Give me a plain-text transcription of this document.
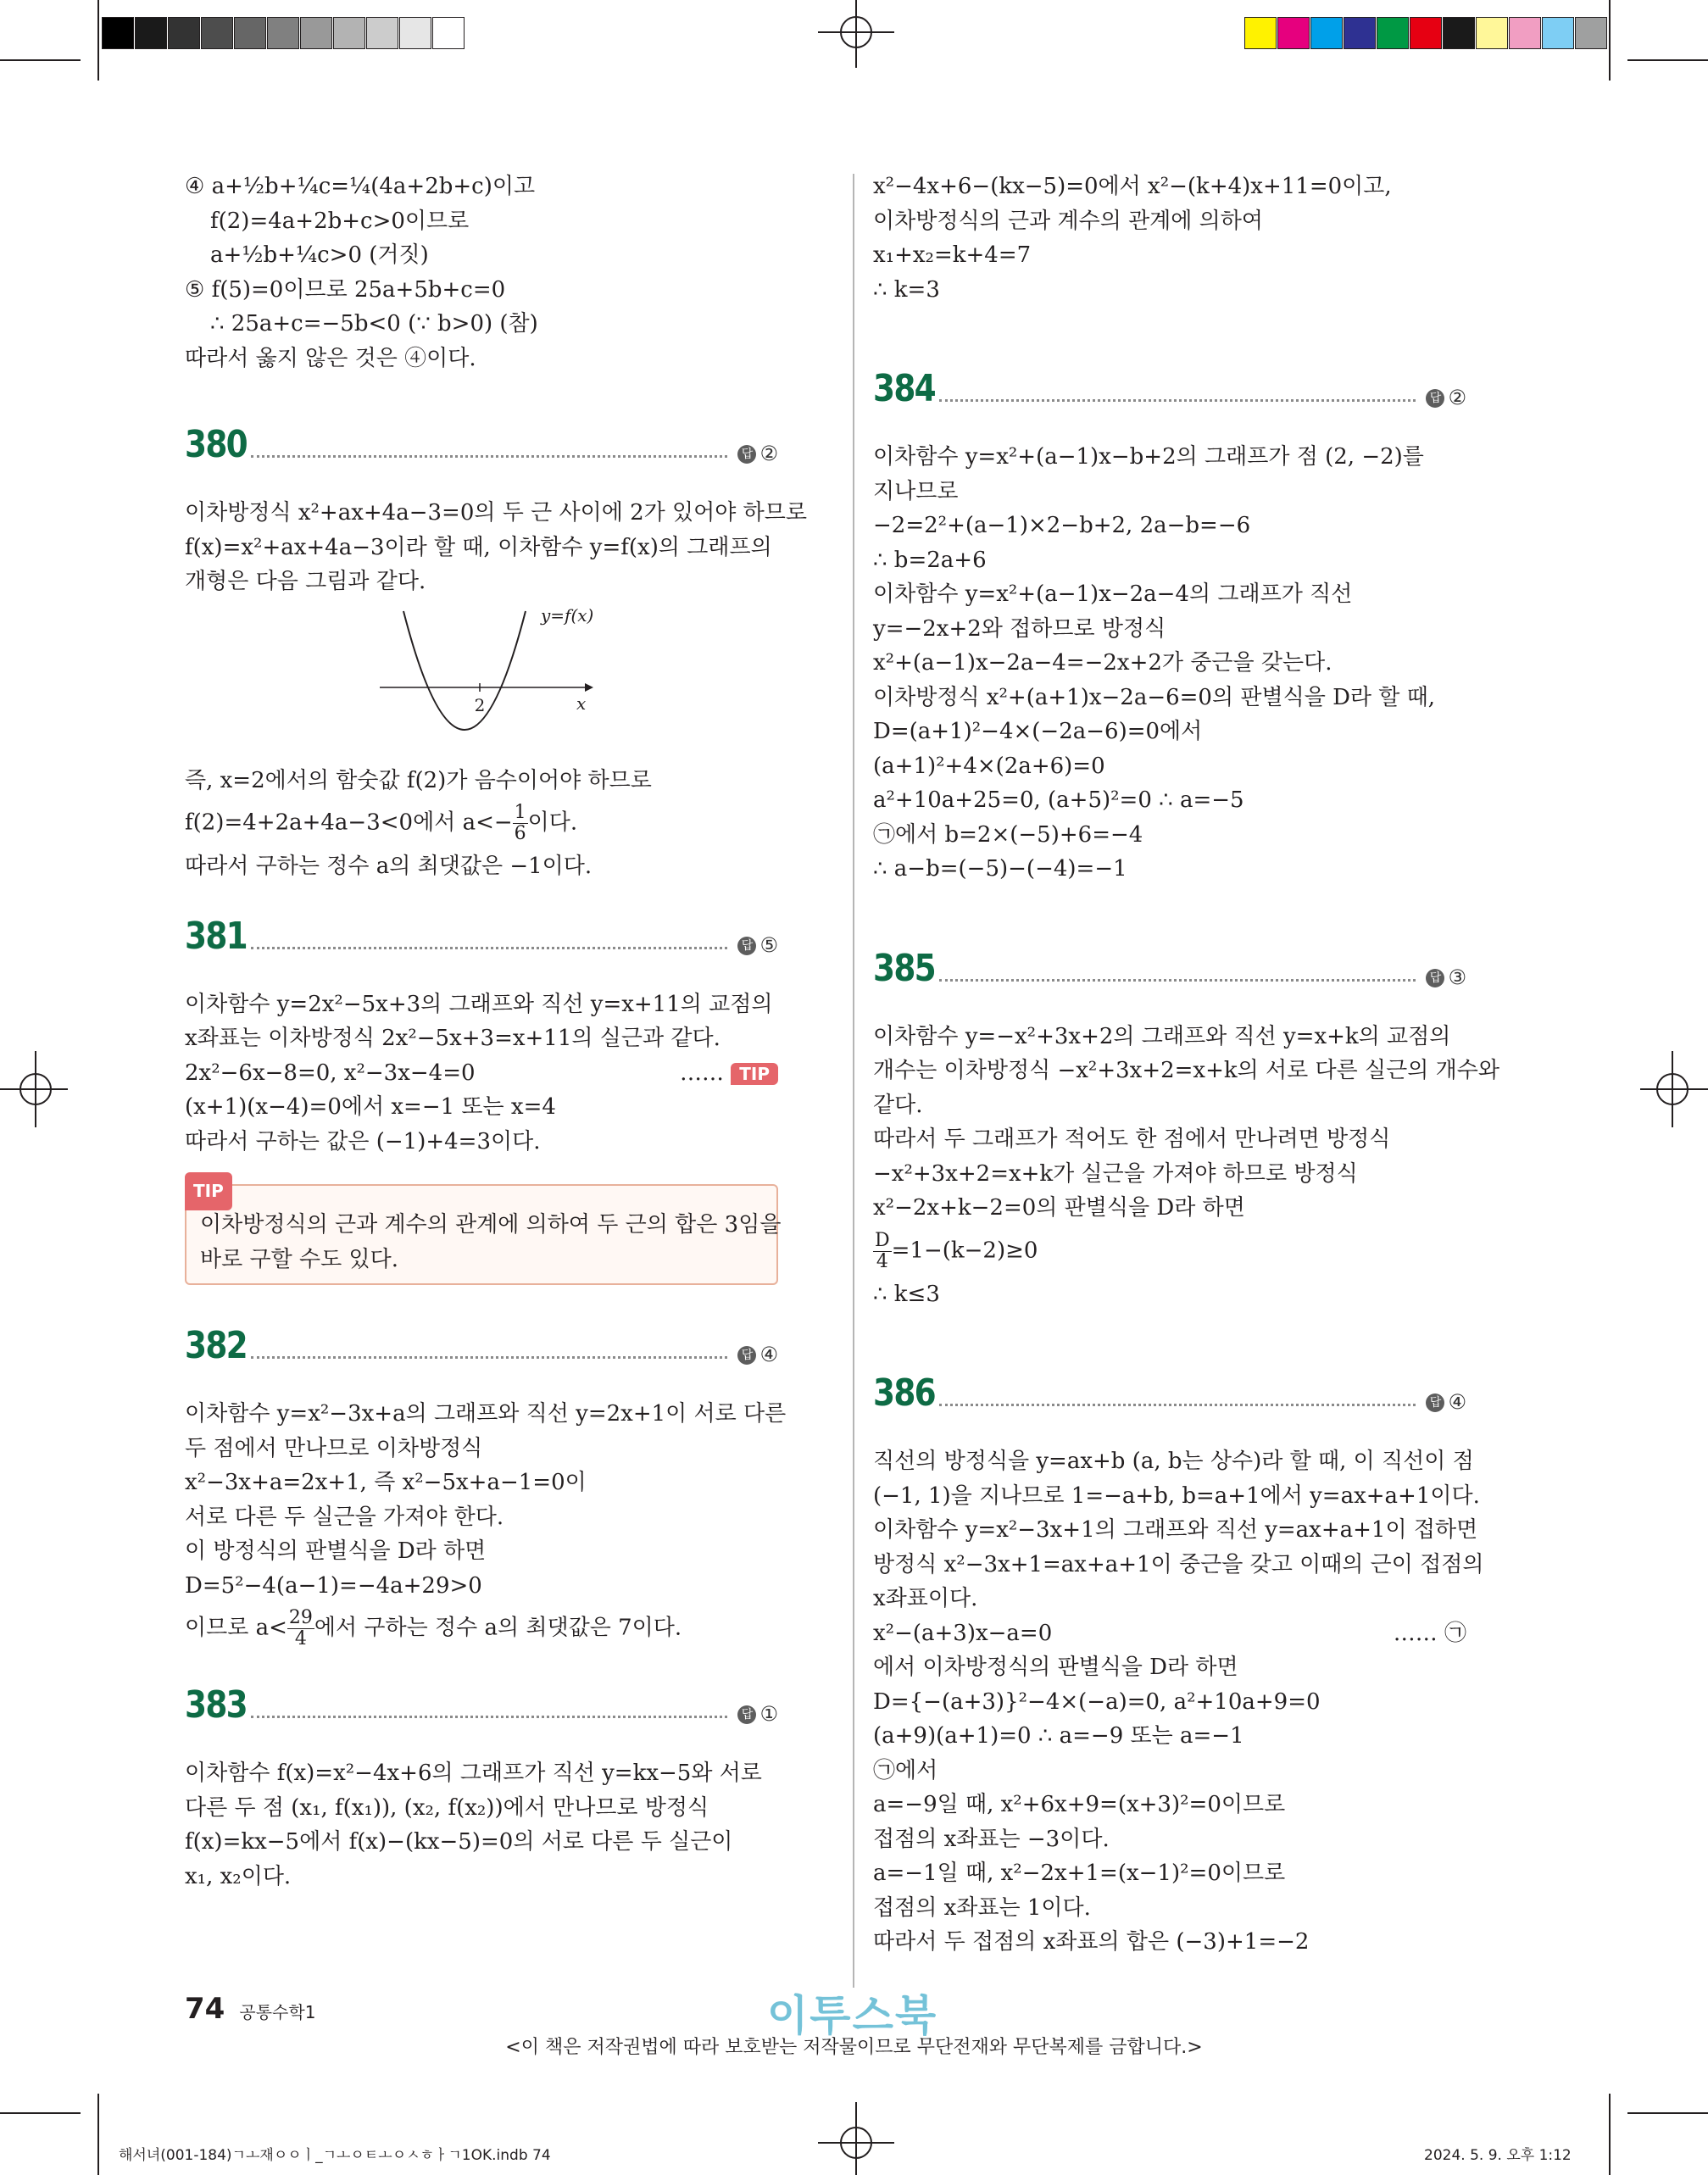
④ a+½b+¼c=¼(4a+2b+c)이고

f(2)=4a+2b+c>0이므로

a+½b+¼c>0 (거짓)

⑤ f(5)=0이므로 25a+5b+c=0

∴ 25a+c=−5b<0 (∵ b>0) (참)

따라서 옳지 않은 것은 ④이다.

380	답 ②

이차방정식 x²+ax+4a−3=0의 두 근 사이에 2가 있어야 하므로

f(x)=x²+ax+4a−3이라 할 때, 이차함수 y=f(x)의 그래프의

개형은 다음 그림과 같다.

2	x
y=f(x)

즉, x=2에서의 함숫값 f(2)가 음수이어야 하므로

f(2)=4+2a+4a−3<0에서 $a<- \frac{1}{6}$ 이다.

따라서 구하는 정수 a의 최댓값은 −1이다.

381	답 ⑤

이차함수 y=2x²−5x+3의 그래프와 직선 y=x+11의 교점의

x좌표는 이차방정식 2x²−5x+3=x+11의 실근과 같다.

2x²−6x−8=0, x²−3x−4=0	…… TIP

(x+1)(x−4)=0에서 x=−1 또는 x=4

따라서 구하는 값은 (−1)+4=3이다.

TIP

이차방정식의 근과 계수의 관계에 의하여 두 근의 합은 3임을

바로 구할 수도 있다.

382	답 ④

이차함수 y=x²−3x+a의 그래프와 직선 y=2x+1이 서로 다른

두 점에서 만나므로 이차방정식

x²−3x+a=2x+1, 즉 x²−5x+a−1=0이

서로 다른 두 실근을 가져야 한다.

이 방정식의 판별식을 D라 하면

D=5²−4(a−1)=−4a+29>0

이므로 $a< \frac{29}{4}$ 에서 구하는 정수 a의 최댓값은 7이다.

383	답 ①

이차함수 f(x)=x²−4x+6의 그래프가 직선 y=kx−5와 서로

다른 두 점 (x₁, f(x₁)), (x₂, f(x₂))에서 만나므로 방정식

f(x)=kx−5에서 f(x)−(kx−5)=0의 서로 다른 두 실근이

x₁, x₂이다.

x²−4x+6−(kx−5)=0에서 x²−(k+4)x+11=0이고,

이차방정식의 근과 계수의 관계에 의하여

x₁+x₂=k+4=7

∴ k=3

384	답 ②

이차함수 y=x²+(a−1)x−b+2의 그래프가 점 (2, −2)를

지나므로

−2=2²+(a−1)×2−b+2, 2a−b=−6

∴ b=2a+6

이차함수 y=x²+(a−1)x−2a−4의 그래프가 직선

y=−2x+2와 접하므로 방정식

x²+(a−1)x−2a−4=−2x+2가 중근을 갖는다.

이차방정식 x²+(a+1)x−2a−6=0의 판별식을 D라 할 때,

D=(a+1)²−4×(−2a−6)=0에서

(a+1)²+4×(2a+6)=0

a²+10a+25=0, (a+5)²=0 ∴ a=−5

㉠에서 b=2×(−5)+6=−4

∴ a−b=(−5)−(−4)=−1

385	답 ③

이차함수 y=−x²+3x+2의 그래프와 직선 y=x+k의 교점의

개수는 이차방정식 −x²+3x+2=x+k의 서로 다른 실근의 개수와

같다.

따라서 두 그래프가 적어도 한 점에서 만나려면 방정식

−x²+3x+2=x+k가 실근을 가져야 하므로 방정식

x²−2x+k−2=0의 판별식을 D라 하면

$\frac{D}{4} =1-(k-2)\ge 0$

∴ k≤3

386	답 ④

직선의 방정식을 y=ax+b (a, b는 상수)라 할 때, 이 직선이 점

(−1, 1)을 지나므로 1=−a+b, b=a+1에서 y=ax+a+1이다.

이차함수 y=x²−3x+1의 그래프와 직선 y=ax+a+1이 접하면

방정식 x²−3x+1=ax+a+1이 중근을 갖고 이때의 근이 접점의

x좌표이다.

x²−(a+3)x−a=0	…… ㉠

에서 이차방정식의 판별식을 D라 하면

D={−(a+3)}²−4×(−a)=0, a²+10a+9=0

(a+9)(a+1)=0 ∴ a=−9 또는 a=−1

㉠에서

a=−9일 때, x²+6x+9=(x+3)²=0이므로

접점의 x좌표는 −3이다.

a=−1일 때, x²−2x+1=(x−1)²=0이므로

접점의 x좌표는 1이다.

따라서 두 접점의 x좌표의 합은 (−3)+1=−2

74 공통수학1	이투스북
<이 책은 저작권법에 따라 보호받는 저작물이므로 무단전재와 무단복제를 금합니다.>
해서녀(001-184)ㄱㅗ재ㅇㅇㅣ_ㄱㅗㅇㅌㅗㅇㅅㅎㅏㄱ1OK.indb 74	2024. 5. 9. 오후 1:12
